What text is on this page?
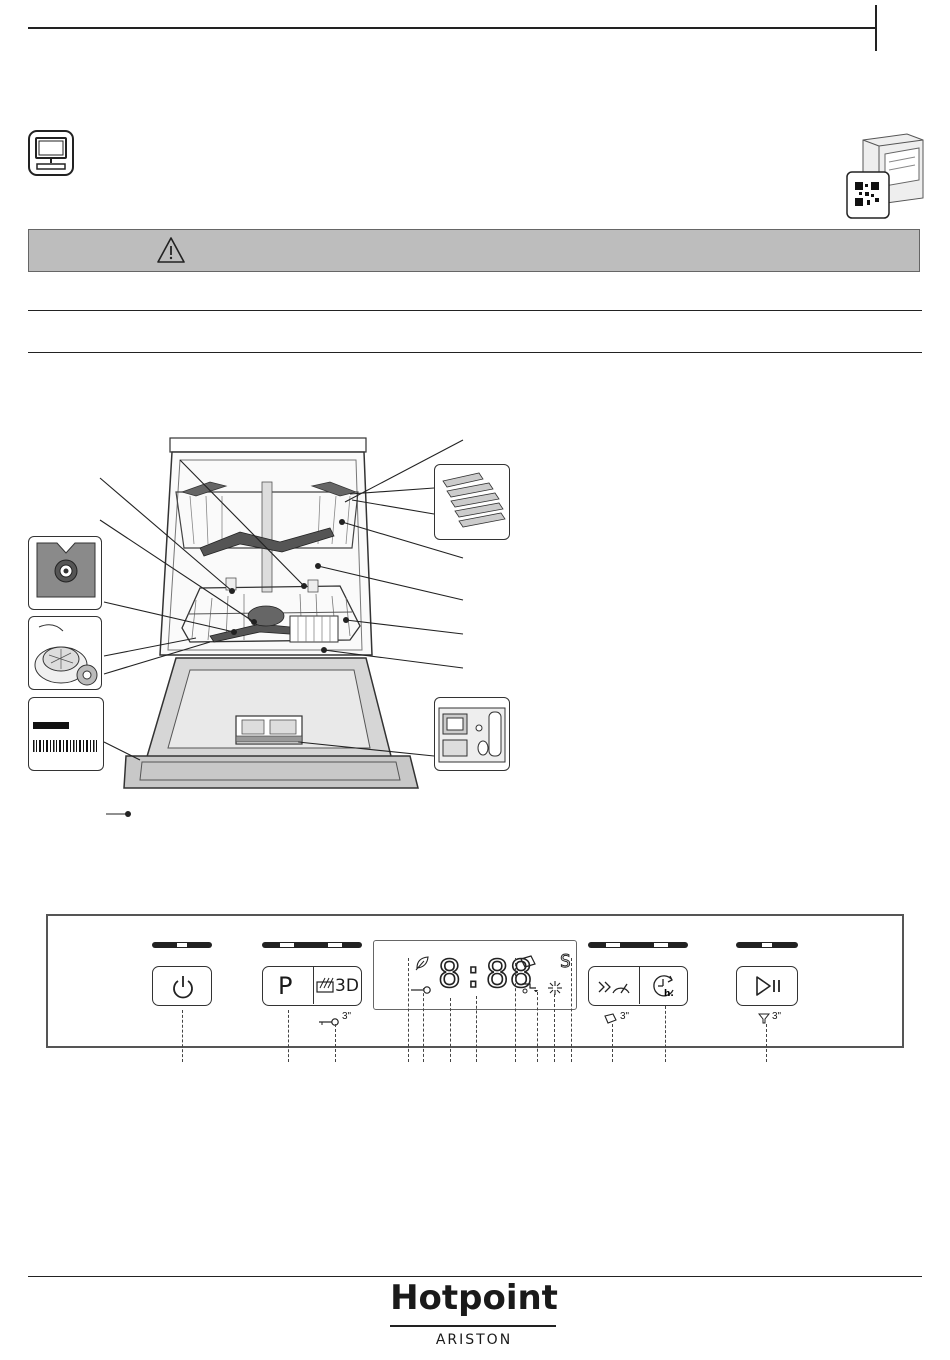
P	3D
3"
8:88 S
h.
3"	3"
Hotpoint
ARISTON
